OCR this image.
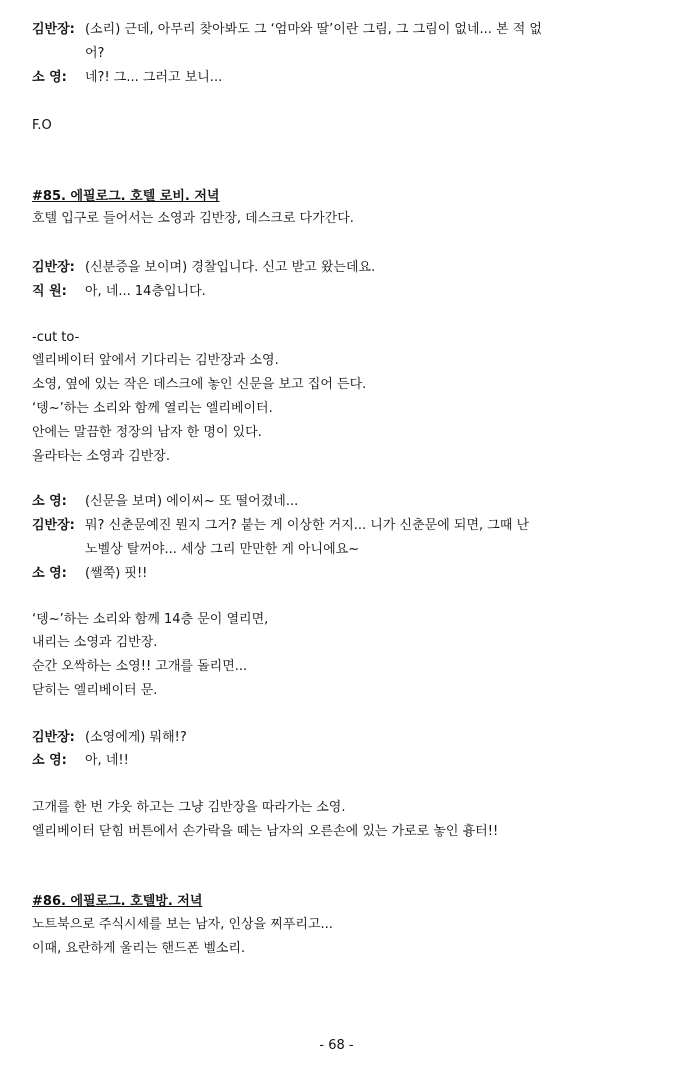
김반장: (소리) 근데, 아무리 찾아봐도 그 ‘엄마와 딸’이란 그림, 그 그림이 없네... 본 적 없
어?
소 영: 네?! 그... 그러고 보니...
F.O
#85. 에필로그. 호텔 로비. 저녁
호텔 입구로 들어서는 소영과 김반장, 데스크로 다가간다.
김반장: (신분증을 보이며) 경찰입니다. 신고 받고 왔는데요.
직 원: 아, 네... 14층입니다.
-cut to-
엘리베이터 앞에서 기다리는 김반장과 소영.
소영, 옆에 있는 작은 데스크에 놓인 신문을 보고 집어 든다.
‘뎅~’하는 소리와 함께 열리는 엘리베이터.
안에는 말끔한 정장의 남자 한 명이 있다.
올라타는 소영과 김반장.
소 영: (신문을 보며) 에이씨~ 또 떨어졌네...
김반장: 뭐? 신춘문예진 뭔지 그거? 붙는 게 이상한 거지... 니가 신춘문에 되면, 그때 난
노벨상 탈꺼야... 세상 그리 만만한 게 아니에요~
소 영: (쌜쭉) 핏!!
‘뎅~’하는 소리와 함께 14층 문이 열리면,
내리는 소영과 김반장.
순간 오싹하는 소영!! 고개를 돌리면...
닫히는 엘리베이터 문.
김반장: (소영에게) 뭐해!?
소 영: 아, 네!!
고개를 한 번 갸웃 하고는 그냥 김반장을 따라가는 소영.
엘리베이터 닫힘 버튼에서 손가락을 떼는 남자의 오른손에 있는 가로로 놓인 흉터!!
#86. 에필로그. 호텔방. 저녁
노트북으로 주식시세를 보는 남자, 인상을 찌푸리고...
이때, 요란하게 울리는 핸드폰 벨소리.
- 68 -
